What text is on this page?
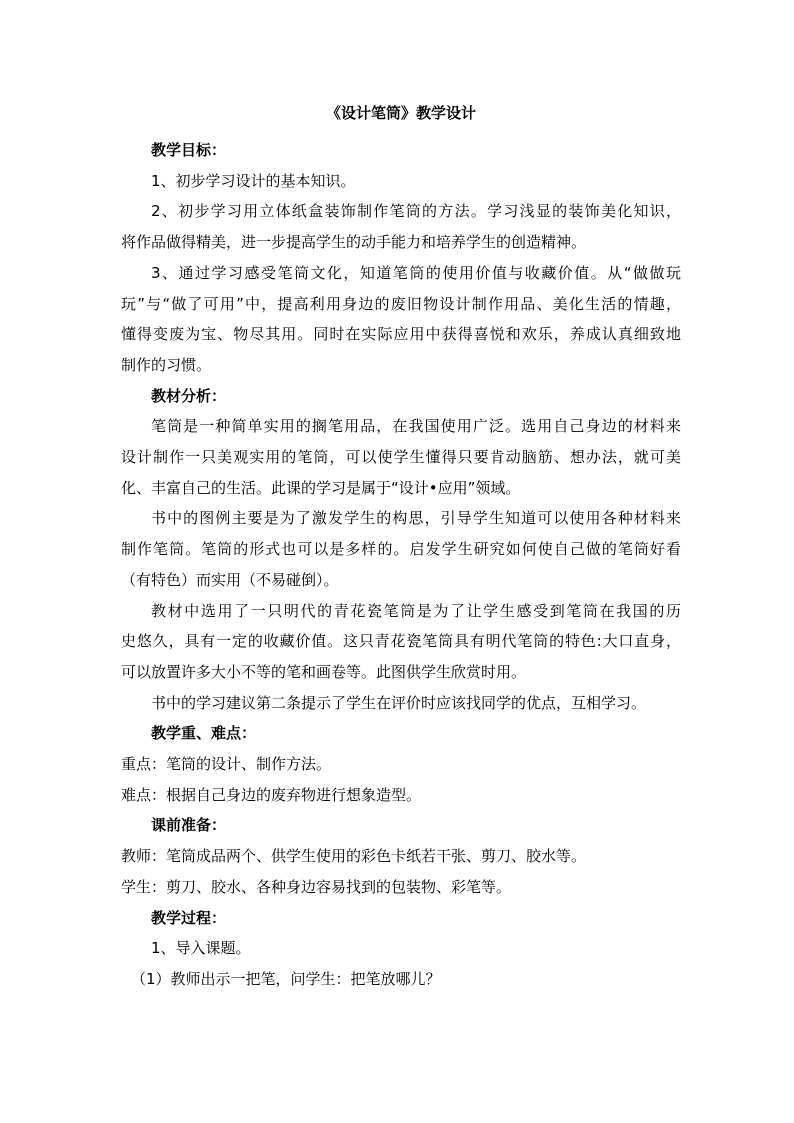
《设计笔筒》教学设计

教学目标：

1、初步学习设计的基本知识。

2、初步学习用立体纸盒装饰制作笔筒的方法。学习浅显的装饰美化知识，

将作品做得精美，进一步提高学生的动手能力和培养学生的创造精神。

3、通过学习感受笔筒文化，知道笔筒的使用价值与收藏价值。从“做做玩

玩”与“做了可用”中，提高利用身边的废旧物设计制作用品、美化生活的情趣，

懂得变废为宝、物尽其用。同时在实际应用中获得喜悦和欢乐，养成认真细致地

制作的习惯。

教材分析：

笔筒是一种简单实用的搁笔用品，在我国使用广泛。选用自己身边的材料来

设计制作一只美观实用的笔筒，可以使学生懂得只要肯动脑筋、想办法，就可美

化、丰富自己的生活。此课的学习是属于“设计•应用”领域。

书中的图例主要是为了激发学生的构思，引导学生知道可以使用各种材料来

制作笔筒。笔筒的形式也可以是多样的。启发学生研究如何使自己做的笔筒好看

（有特色）而实用（不易碰倒）。

教材中选用了一只明代的青花瓷笔筒是为了让学生感受到笔筒在我国的历

史悠久，具有一定的收藏价值。这只青花瓷笔筒具有明代笔筒的特色:大口直身，

可以放置许多大小不等的笔和画卷等。此图供学生欣赏时用。

书中的学习建议第二条提示了学生在评价时应该找同学的优点，互相学习。

教学重、难点：

重点：笔筒的设计、制作方法。

难点：根据自己身边的废弃物进行想象造型。

课前准备：

教师：笔筒成品两个、供学生使用的彩色卡纸若干张、剪刀、胶水等。

学生：剪刀、胶水、各种身边容易找到的包装物、彩笔等。

教学过程：

1、导入课题。

（1）教师出示一把笔，问学生：把笔放哪儿？
